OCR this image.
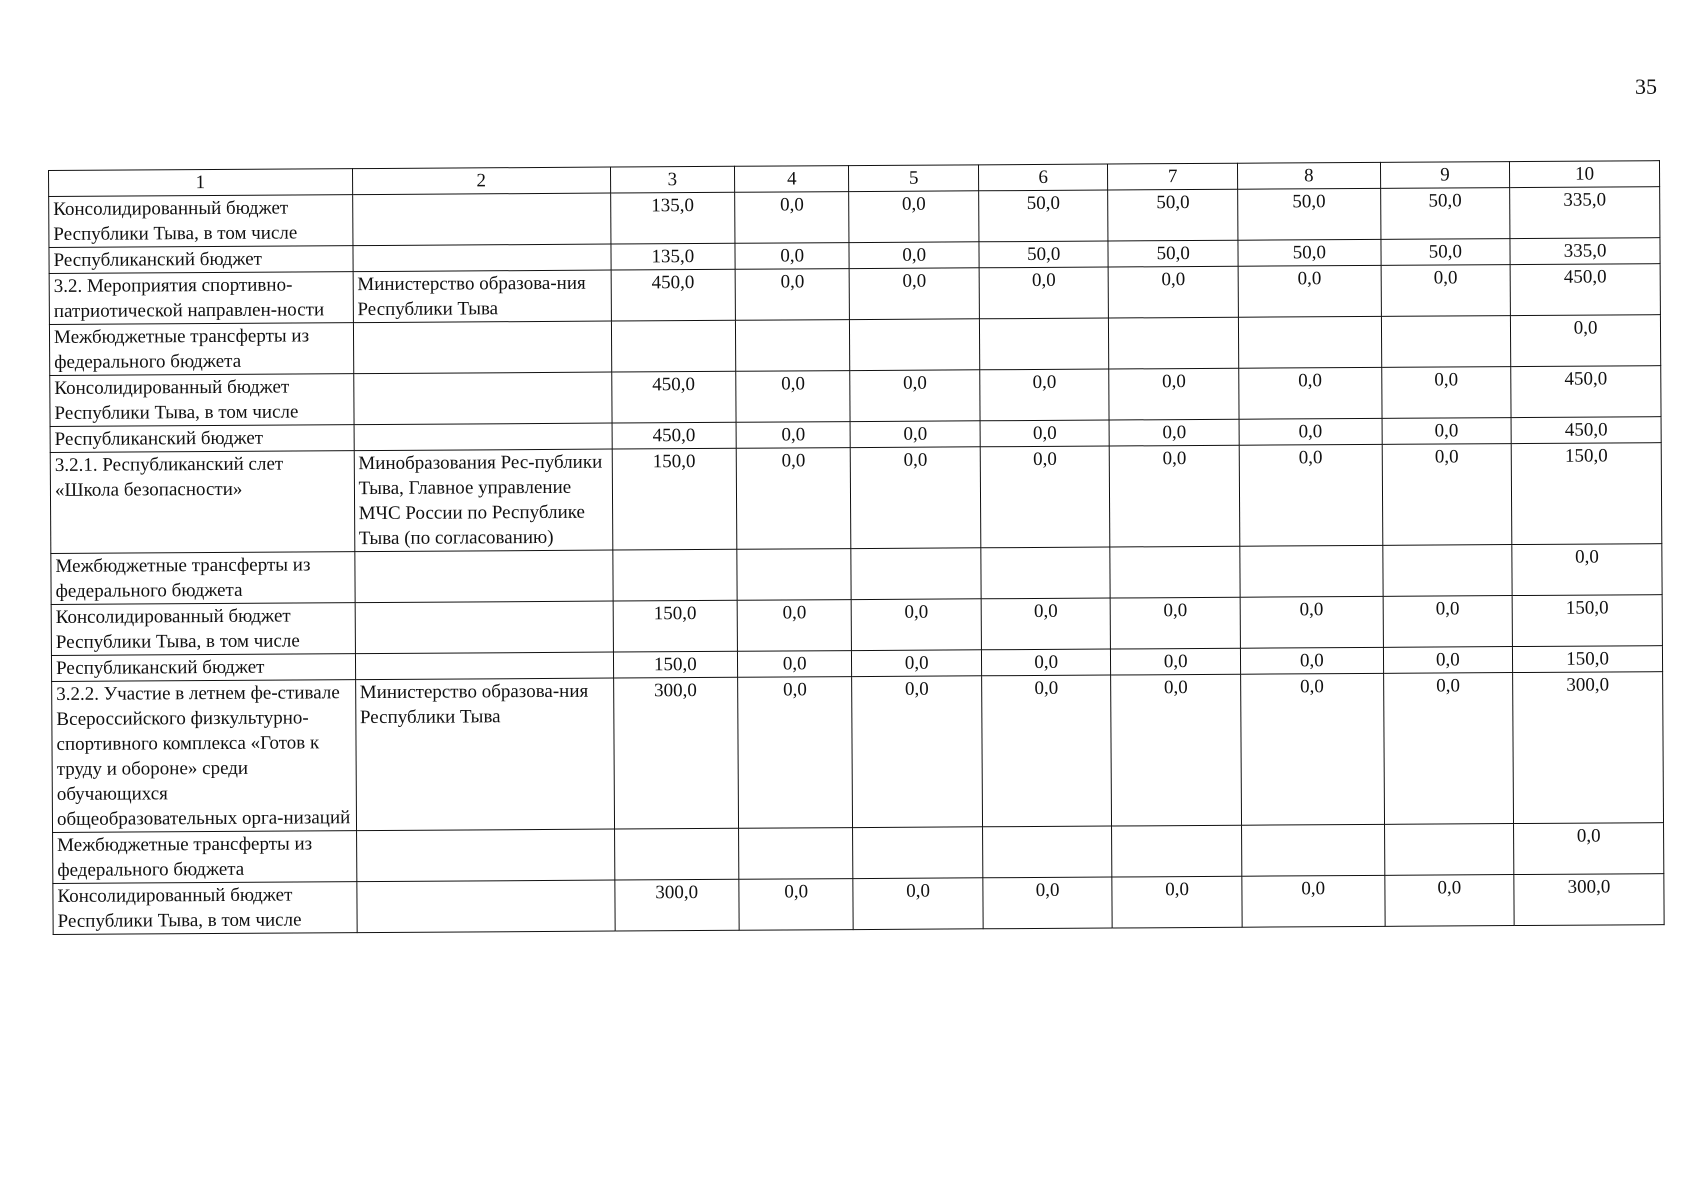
35
1	2	3	4	5	6	7	8	9	10
Консолидированный бюджет Республики Тыва, в том числе		135,0	0,0	0,0	50,0	50,0	50,0	50,0	335,0
Республиканский бюджет		135,0	0,0	0,0	50,0	50,0	50,0	50,0	335,0
3.2. Мероприятия спортивно-патриотической направлен-ности	Министерство образова-ния Республики Тыва	450,0	0,0	0,0	0,0	0,0	0,0	0,0	450,0
Межбюджетные трансферты из федерального бюджета									0,0
Консолидированный бюджет Республики Тыва, в том числе		450,0	0,0	0,0	0,0	0,0	0,0	0,0	450,0
Республиканский бюджет		450,0	0,0	0,0	0,0	0,0	0,0	0,0	450,0
3.2.1. Республиканский слет «Школа безопасности»	Минобразования Рес-публики Тыва, Главное управление МЧС России по Республике Тыва (по согласованию)	150,0	0,0	0,0	0,0	0,0	0,0	0,0	150,0
Межбюджетные трансферты из федерального бюджета									0,0
Консолидированный бюджет Республики Тыва, в том числе		150,0	0,0	0,0	0,0	0,0	0,0	0,0	150,0
Республиканский бюджет		150,0	0,0	0,0	0,0	0,0	0,0	0,0	150,0
3.2.2. Участие в летнем фе-стивале Всероссийского физкультурно-спортивного комплекса «Готов к труду и обороне» среди обучающихся общеобразовательных орга-низаций	Министерство образова-ния Республики Тыва	300,0	0,0	0,0	0,0	0,0	0,0	0,0	300,0
Межбюджетные трансферты из федерального бюджета									0,0
Консолидированный бюджет Республики Тыва, в том числе		300,0	0,0	0,0	0,0	0,0	0,0	0,0	300,0
